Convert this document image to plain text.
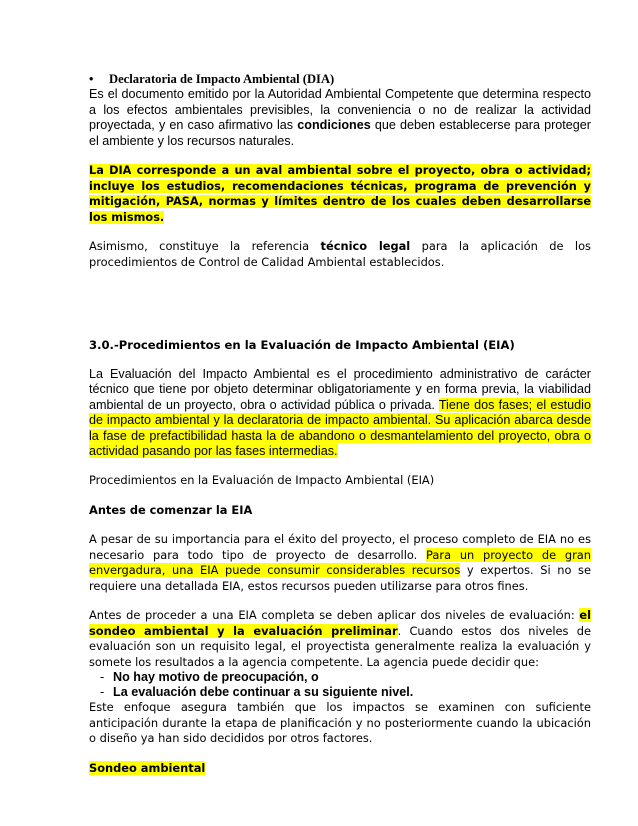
• Declaratoria de Impacto Ambiental (DIA)

Es el documento emitido por la Autoridad Ambiental Competente que determina respecto a los efectos ambientales previsibles, la conveniencia o no de realizar la actividad proyectada, y en caso afirmativo las condiciones que deben establecerse para proteger el ambiente y los recursos naturales.

La DIA corresponde a un aval ambiental sobre el proyecto, obra o actividad; incluye los estudios, recomendaciones técnicas, programa de prevención y mitigación, PASA, normas y límites dentro de los cuales deben desarrollarse los mismos.

Asimismo, constituye la referencia técnico legal para la aplicación de los procedimientos de Control de Calidad Ambiental establecidos.

3.0.-Procedimientos en la Evaluación de Impacto Ambiental (EIA)

La Evaluación del Impacto Ambiental es el procedimiento administrativo de carácter técnico que tiene por objeto determinar obligatoriamente y en forma previa, la viabilidad ambiental de un proyecto, obra o actividad pública o privada. Tiene dos fases; el estudio de impacto ambiental y la declaratoria de impacto ambiental. Su aplicación abarca desde la fase de prefactibilidad hasta la de abandono o desmantelamiento del proyecto, obra o actividad pasando por las fases intermedias.

Procedimientos en la Evaluación de Impacto Ambiental (EIA)

Antes de comenzar la EIA

A pesar de su importancia para el éxito del proyecto, el proceso completo de EIA no es necesario para todo tipo de proyecto de desarrollo. Para un proyecto de gran envergadura, una EIA puede consumir considerables recursos y expertos. Si no se requiere una detallada EIA, estos recursos pueden utilizarse para otros fines.

Antes de proceder a una EIA completa se deben aplicar dos niveles de evaluación: el sondeo ambiental y la evaluación preliminar. Cuando estos dos niveles de evaluación son un requisito legal, el proyectista generalmente realiza la evaluación y somete los resultados a la agencia competente. La agencia puede decidir que:

- No hay motivo de preocupación, o
- La evaluación debe continuar a su siguiente nivel.

Este enfoque asegura también que los impactos se examinen con suficiente anticipación durante la etapa de planificación y no posteriormente cuando la ubicación o diseño ya han sido decididos por otros factores.

Sondeo ambiental
